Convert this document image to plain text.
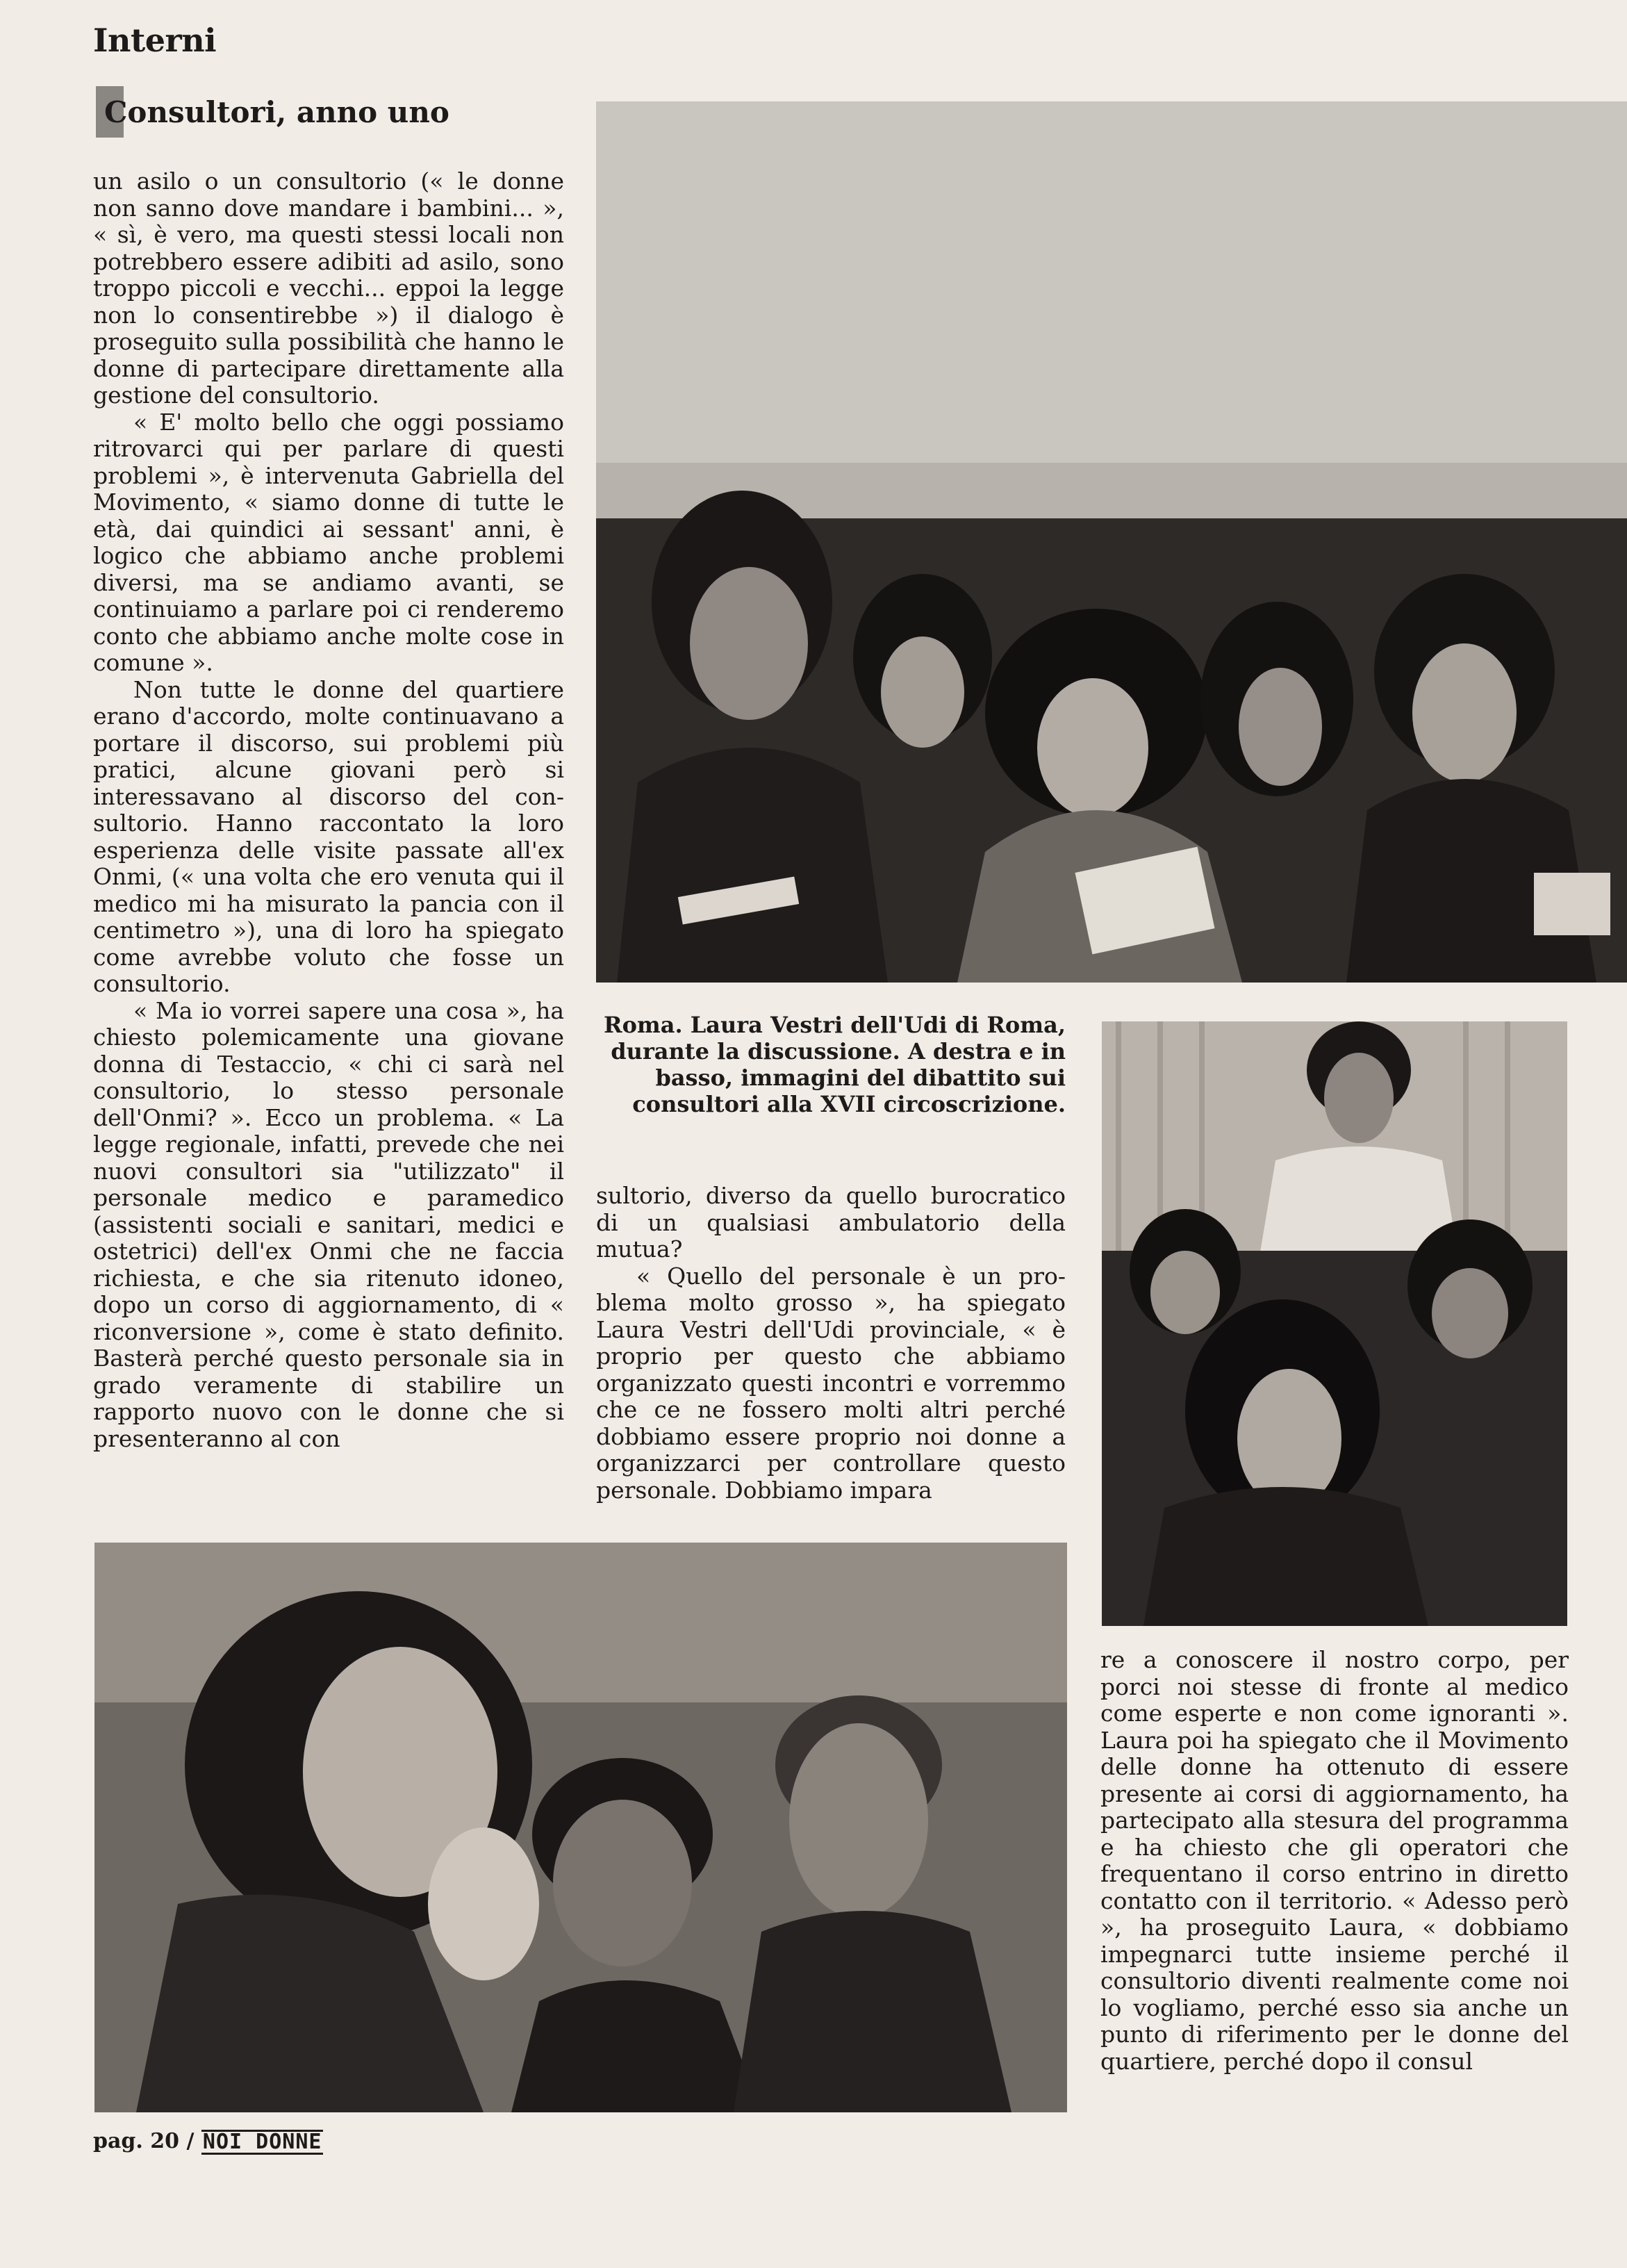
Interni
Consultori, anno uno

un asilo o un consultorio (« le donne non sanno dove mandare i bambini... », « sì, è vero, ma questi stessi locali non potrebbero essere adibiti ad asilo, sono troppo piccoli e vecchi... eppoi la legge non lo consentirebbe ») il dialogo è proseguito sulla possibilità che hanno le donne di partecipare direttamente alla gestione del consultorio.

« E' molto bello che oggi possiamo ritrovarci qui per parlare di questi problemi », è intervenuta Gabriella del Movimento, « siamo donne di tutte le età, dai quindici ai sessant' anni, è logico che abbiamo anche problemi diversi, ma se andiamo avanti, se continuiamo a parlare poi ci renderemo conto che abbiamo anche molte cose in comune ».

Non tutte le donne del quartiere erano d'accordo, molte continuavano a portare il discorso, sui problemi più pratici, alcune giovani però si interessavano al discorso del consultorio. Hanno raccontato la loro esperienza delle visite passate all'ex Onmi, (« una volta che ero venuta qui il medico mi ha misurato la pancia con il centimetro »), una di loro ha spiegato come avrebbe voluto che fosse un consultorio.

« Ma io vorrei sapere una cosa », ha chiesto polemicamente una giovane donna di Testaccio, « chi ci sarà nel consultorio, lo stesso personale dell'Onmi? ». Ecco un problema. « La legge regionale, infatti, prevede che nei nuovi consultori sia "utilizzato" il personale medico e paramedico (assistenti sociali e sanitari, medici e ostetrici) dell'ex Onmi che ne faccia richiesta, e che sia ritenuto idoneo, dopo un corso di aggiornamento, di « riconversione », come è stato definito. Basterà perché questo personale sia in grado veramente di stabilire un rapporto nuovo con le donne che si presenteranno al con

Roma. Laura Vestri dell'Udi di Roma, durante la discussione. A destra e in basso, immagini del dibattito sui consultori alla XVII circoscrizione.

sultorio, diverso da quello burocratico di un qualsiasi ambulatorio della mutua?

« Quello del personale è un problema molto grosso », ha spiegato Laura Vestri dell'Udi provinciale, « è proprio per questo che abbiamo organizzato questi incontri e vorremmo che ce ne fossero molti altri perché dobbiamo essere proprio noi donne a organizzarci per controllare questo personale. Dobbiamo impara

re a conoscere il nostro corpo, per porci noi stesse di fronte al medico come esperte e non come ignoranti ». Laura poi ha spiegato che il Movimento delle donne ha ottenuto di essere presente ai corsi di aggiornamento, ha partecipato alla stesura del programma e ha chiesto che gli operatori che frequentano il corso entrino in diretto contatto con il territorio. « Adesso però », ha proseguito Laura, « dobbiamo impegnarci tutte insieme perché il consultorio diventi realmente come noi lo vogliamo, perché esso sia anche un punto di riferimento per le donne del quartiere, perché dopo il consul

pag. 20 / NOI DONNE
